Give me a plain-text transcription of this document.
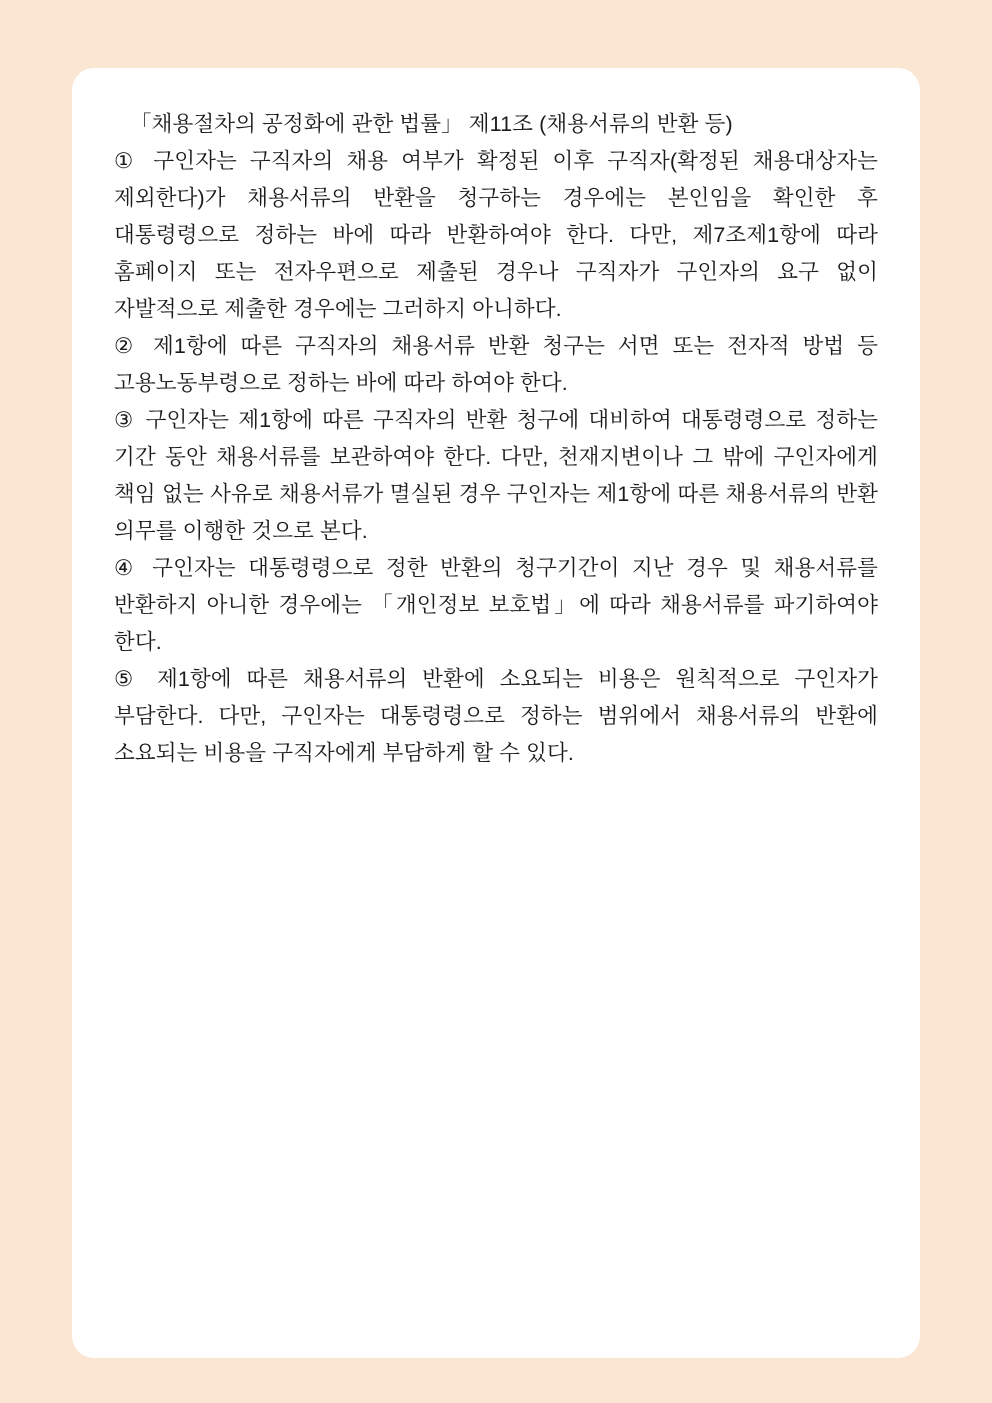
「채용절차의 공정화에 관한 법률」 제11조 (채용서류의 반환 등)

① 구인자는 구직자의 채용 여부가 확정된 이후 구직자(확정된 채용대상자는 제외한다)가 채용서류의 반환을 청구하는 경우에는 본인임을 확인한 후 대통령령으로 정하는 바에 따라 반환하여야 한다. 다만, 제7조제1항에 따라 홈페이지 또는 전자우편으로 제출된 경우나 구직자가 구인자의 요구 없이 자발적으로 제출한 경우에는 그러하지 아니하다.

② 제1항에 따른 구직자의 채용서류 반환 청구는 서면 또는 전자적 방법 등 고용노동부령으로 정하는 바에 따라 하여야 한다.

③ 구인자는 제1항에 따른 구직자의 반환 청구에 대비하여 대통령령으로 정하는 기간 동안 채용서류를 보관하여야 한다. 다만, 천재지변이나 그 밖에 구인자에게 책임 없는 사유로 채용서류가 멸실된 경우 구인자는 제1항에 따른 채용서류의 반환 의무를 이행한 것으로 본다.

④ 구인자는 대통령령으로 정한 반환의 청구기간이 지난 경우 및 채용서류를 반환하지 아니한 경우에는 「개인정보 보호법」에 따라 채용서류를 파기하여야 한다.

⑤ 제1항에 따른 채용서류의 반환에 소요되는 비용은 원칙적으로 구인자가 부담한다. 다만, 구인자는 대통령령으로 정하는 범위에서 채용서류의 반환에 소요되는 비용을 구직자에게 부담하게 할 수 있다.
